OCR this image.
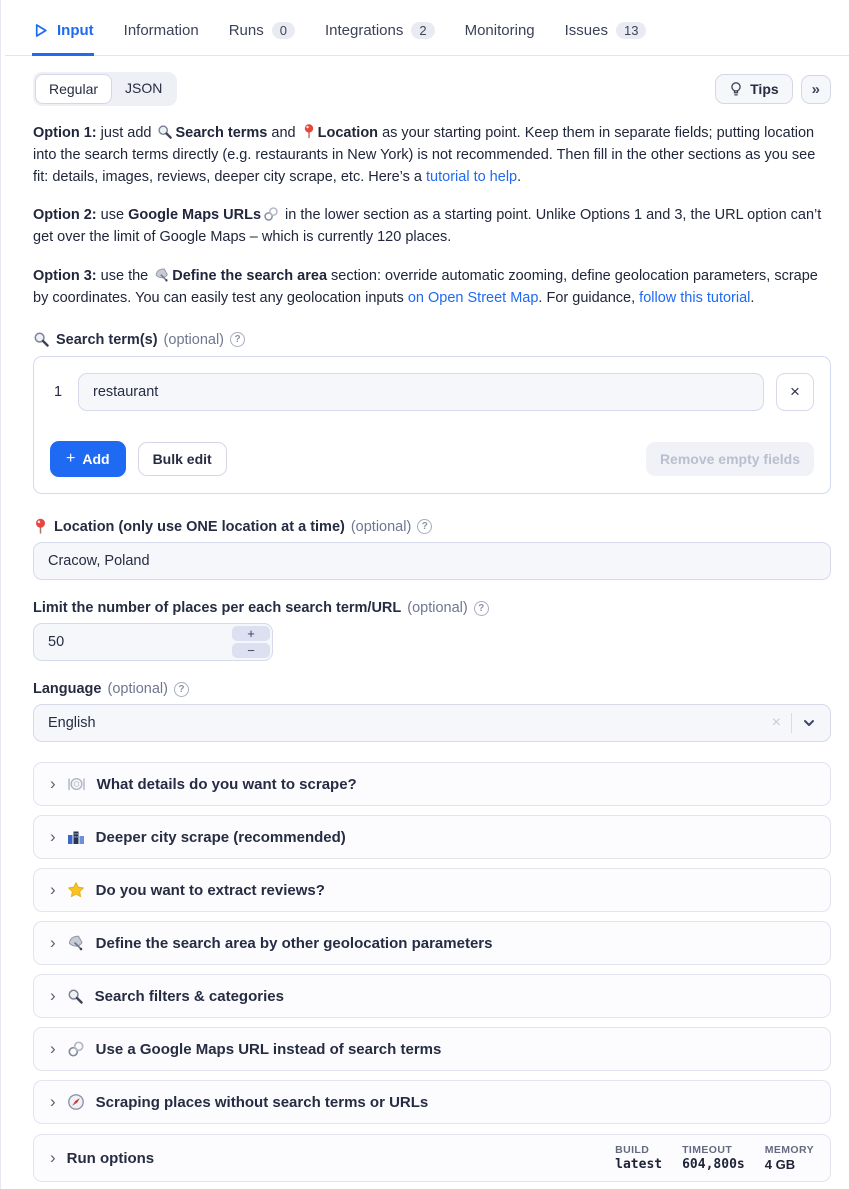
Input Information Runs	0	Integrations	2	Monitoring Issues	13
Regular	JSON	Tips »

Option 1: just add
Search terms and
Location as your starting point. Keep them in separate fields; putting location into the search terms directly (e.g. restaurants in New York) is not recommended. Then fill in the other sections as you see fit: details, images, reviews, deeper city scrape, etc. Here’s a tutorial to help.

Option 2: use Google Maps URLs
in the lower section as a starting point. Unlike Options 1 and 3, the URL option can’t get over the limit of Google Maps – which is currently 120 places.

Option 3: use the
Define the search area section: override automatic zooming, define geolocation parameters, scrape by coordinates. You can easily test any geolocation inputs on Open Street Map. For guidance, follow this tutorial.

Search term(s) (optional)	?
1
restaurant	×
+ Add	Bulk edit	Remove empty fields
Location (only use ONE location at a time) (optional)	?
Cracow, Poland
Limit the number of places per each search term/URL (optional)	?
50
+
−
Language (optional)	?
English	×
›	What details do you want to scrape?
›	Deeper city scrape (recommended)
›	Do you want to extract reviews?
›	Define the search area by other geolocation parameters
›	Search filters & categories
›	Use a Google Maps URL instead of search terms
›	Scraping places without search terms or URLs
› Run options	BUILD
latest
TIMEOUT
604,800s
MEMORY
4 GB
